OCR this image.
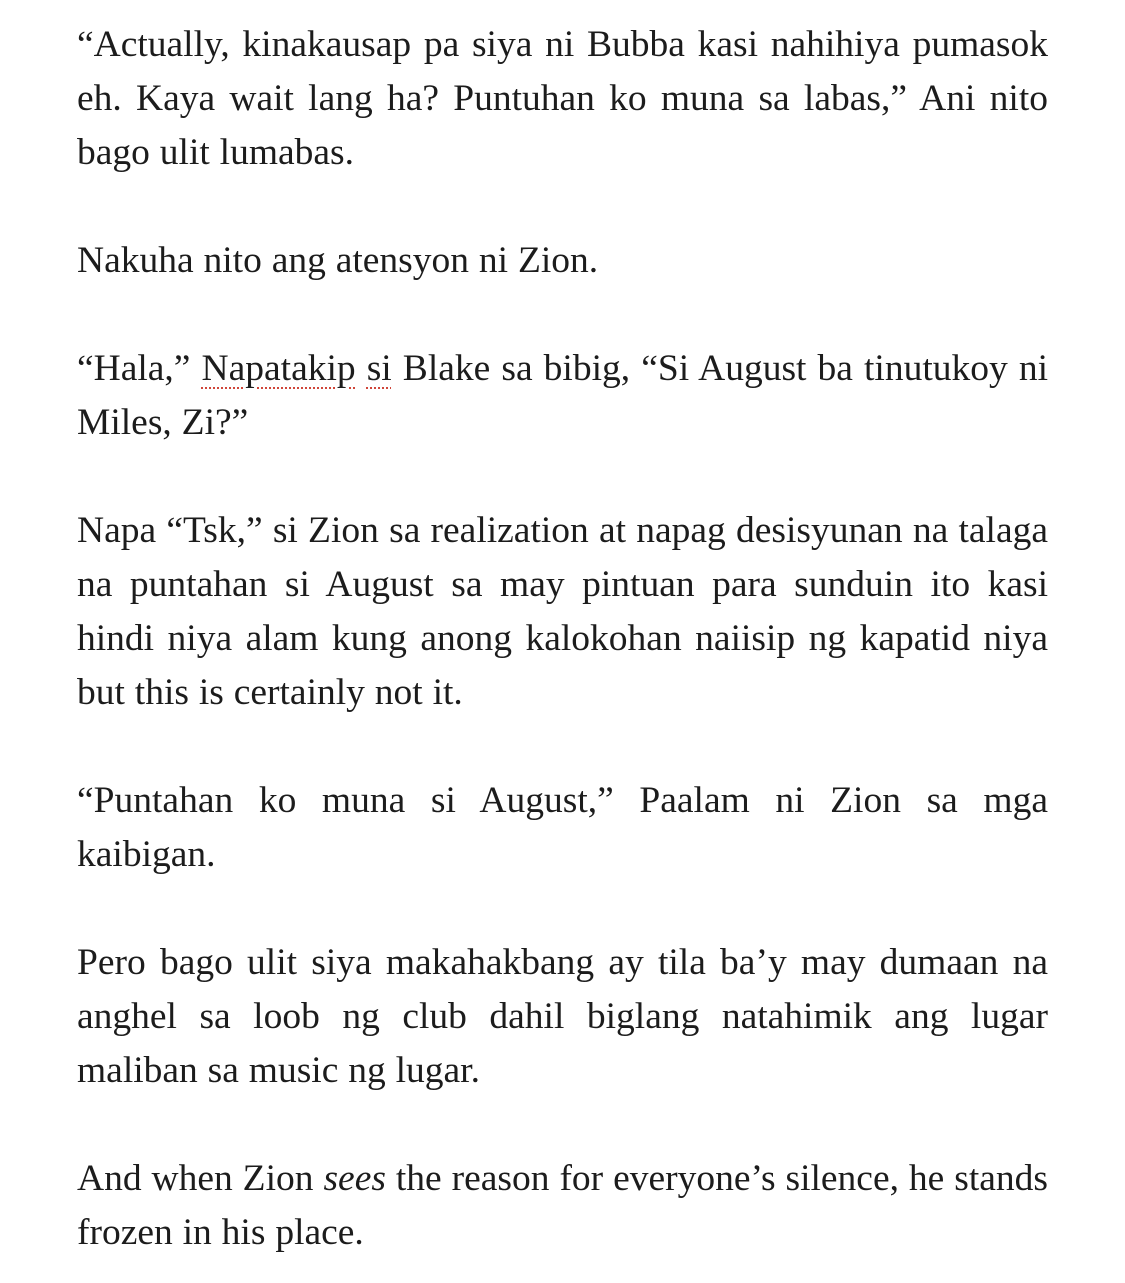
“Actually, kinakausap pa siya ni Bubba kasi nahihiya pumasok eh. Kaya wait lang ha? Puntuhan ko muna sa labas,” Ani nito bago ulit lumabas.

Nakuha nito ang atensyon ni Zion.

“Hala,” Napatakip si Blake sa bibig, “Si August ba tinutukoy ni Miles, Zi?”

Napa “Tsk,” si Zion sa realization at napag desisyunan na talaga na puntahan si August sa may pintuan para sunduin ito kasi hindi niya alam kung anong kalokohan naiisip ng kapatid niya but this is certainly not it.

“Puntahan ko muna si August,” Paalam ni Zion sa mga kaibigan.

Pero bago ulit siya makahakbang ay tila ba’y may dumaan na anghel sa loob ng club dahil biglang natahimik ang lugar maliban sa music ng lugar.

And when Zion sees the reason for everyone’s silence, he stands frozen in his place.
